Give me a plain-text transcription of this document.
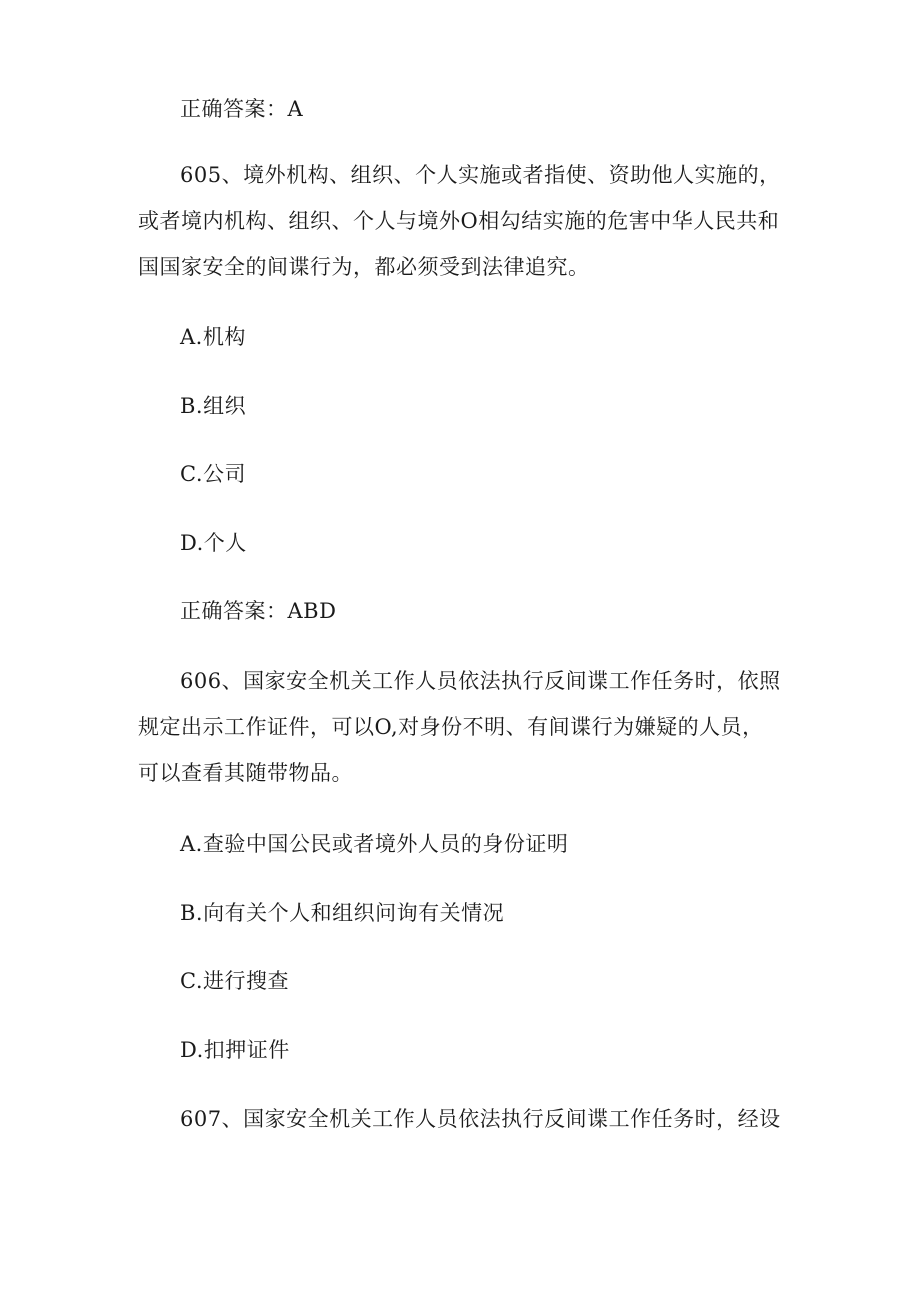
正确答案：A
605、境外机构、组织、个人实施或者指使、资助他人实施的，
或者境内机构、组织、个人与境外O相勾结实施的危害中华人民共和
国国家安全的间谍行为，都必须受到法律追究。
A.机构
B.组织
C.公司
D.个人
正确答案：ABD
606、国家安全机关工作人员依法执行反间谍工作任务时，依照
规定出示工作证件，可以O,对身份不明、有间谍行为嫌疑的人员，
可以查看其随带物品。
A.查验中国公民或者境外人员的身份证明
B.向有关个人和组织问询有关情况
C.进行搜查
D.扣押证件
607、国家安全机关工作人员依法执行反间谍工作任务时，经设
